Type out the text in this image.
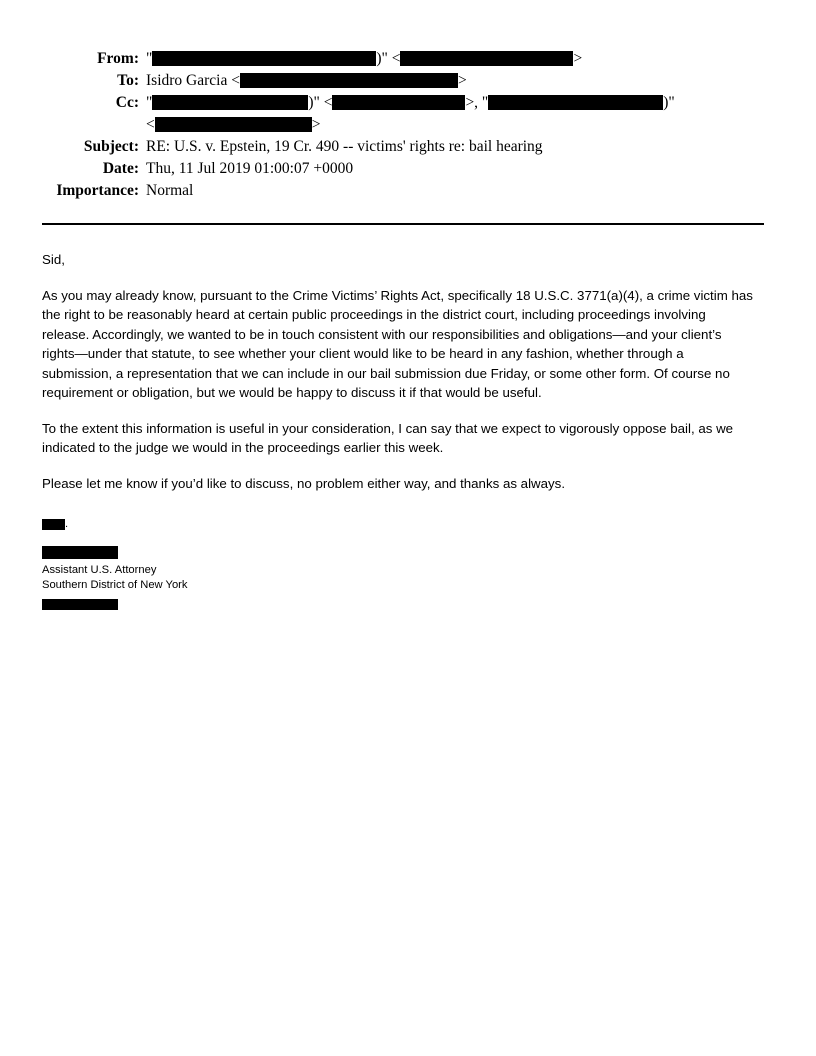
From: "	)" <	>
To: Isidro Garcia <	>
Cc: "	)" <	>, "	)"
<	>
Subject: RE: U.S. v. Epstein, 19 Cr. 490 -- victims' rights re: bail hearing
Date: Thu, 11 Jul 2019 01:00:07 +0000
Importance: Normal

Sid,

As you may already know, pursuant to the Crime Victims’ Rights Act, specifically 18 U.S.C. 3771(a)(4), a crime victim has the right to be reasonably heard at certain public proceedings in the district court, including proceedings involving release. Accordingly, we wanted to be in touch consistent with our responsibilities and obligations—and your client’s rights—under that statute, to see whether your client would like to be heard in any fashion, whether through a submission, a representation that we can include in our bail submission due Friday, or some other form. Of course no requirement or obligation, but we would be happy to discuss it if that would be useful.

To the extent this information is useful in your consideration, I can say that we expect to vigorously oppose bail, as we indicated to the judge we would in the proceedings earlier this week.

Please let me know if you’d like to discuss, no problem either way, and thanks as always.

.
Assistant U.S. Attorney
Southern District of New York
